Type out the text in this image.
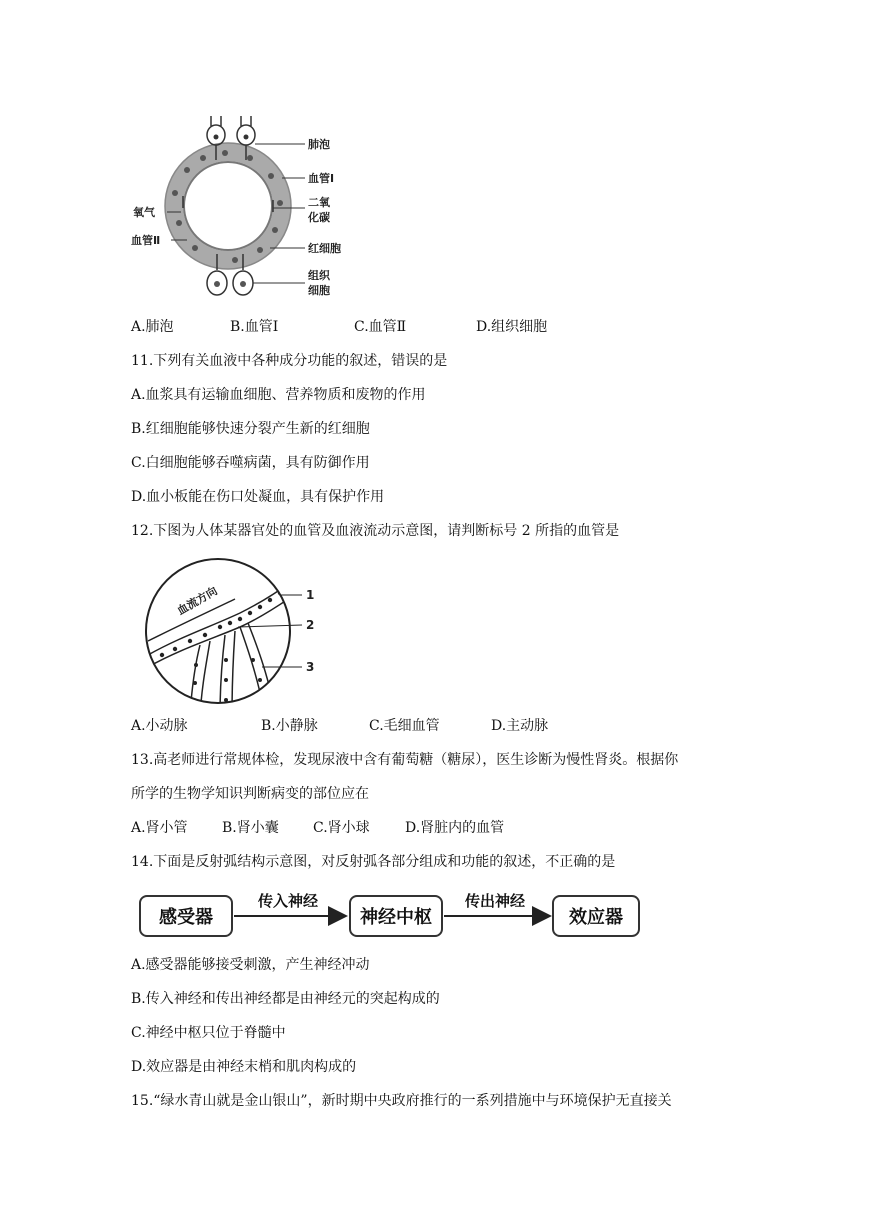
肺泡
血管Ⅰ
氧气
二氧
化碳
血管Ⅱ
红细胞
组织
细胞
A.肺泡	B.血管Ⅰ	C.血管Ⅱ	D.组织细胞
11.下列有关血液中各种成分功能的叙述，错误的是
A.血浆具有运输血细胞、营养物质和废物的作用
B.红细胞能够快速分裂产生新的红细胞
C.白细胞能够吞噬病菌，具有防御作用
D.血小板能在伤口处凝血，具有保护作用
12.下图为人体某器官处的血管及血液流动示意图，请判断标号 2 所指的血管是
血流方向	1
2
3
A.小动脉	B.小静脉	C.毛细血管	D.主动脉
13.高老师进行常规体检，发现尿液中含有葡萄糖（糖尿），医生诊断为慢性肾炎。根据你
所学的生物学知识判断病变的部位应在
A.肾小管 B.肾小囊 C.肾小球	D.肾脏内的血管
14.下面是反射弧结构示意图，对反射弧各部分组成和功能的叙述，不正确的是
感受器
传入神经
神经中枢
传出神经
效应器
A.感受器能够接受刺激，产生神经冲动
B.传入神经和传出神经都是由神经元的突起构成的
C.神经中枢只位于脊髓中
D.效应器是由神经末梢和肌肉构成的
15.“绿水青山就是金山银山”，新时期中央政府推行的一系列措施中与环境保护无直接关
